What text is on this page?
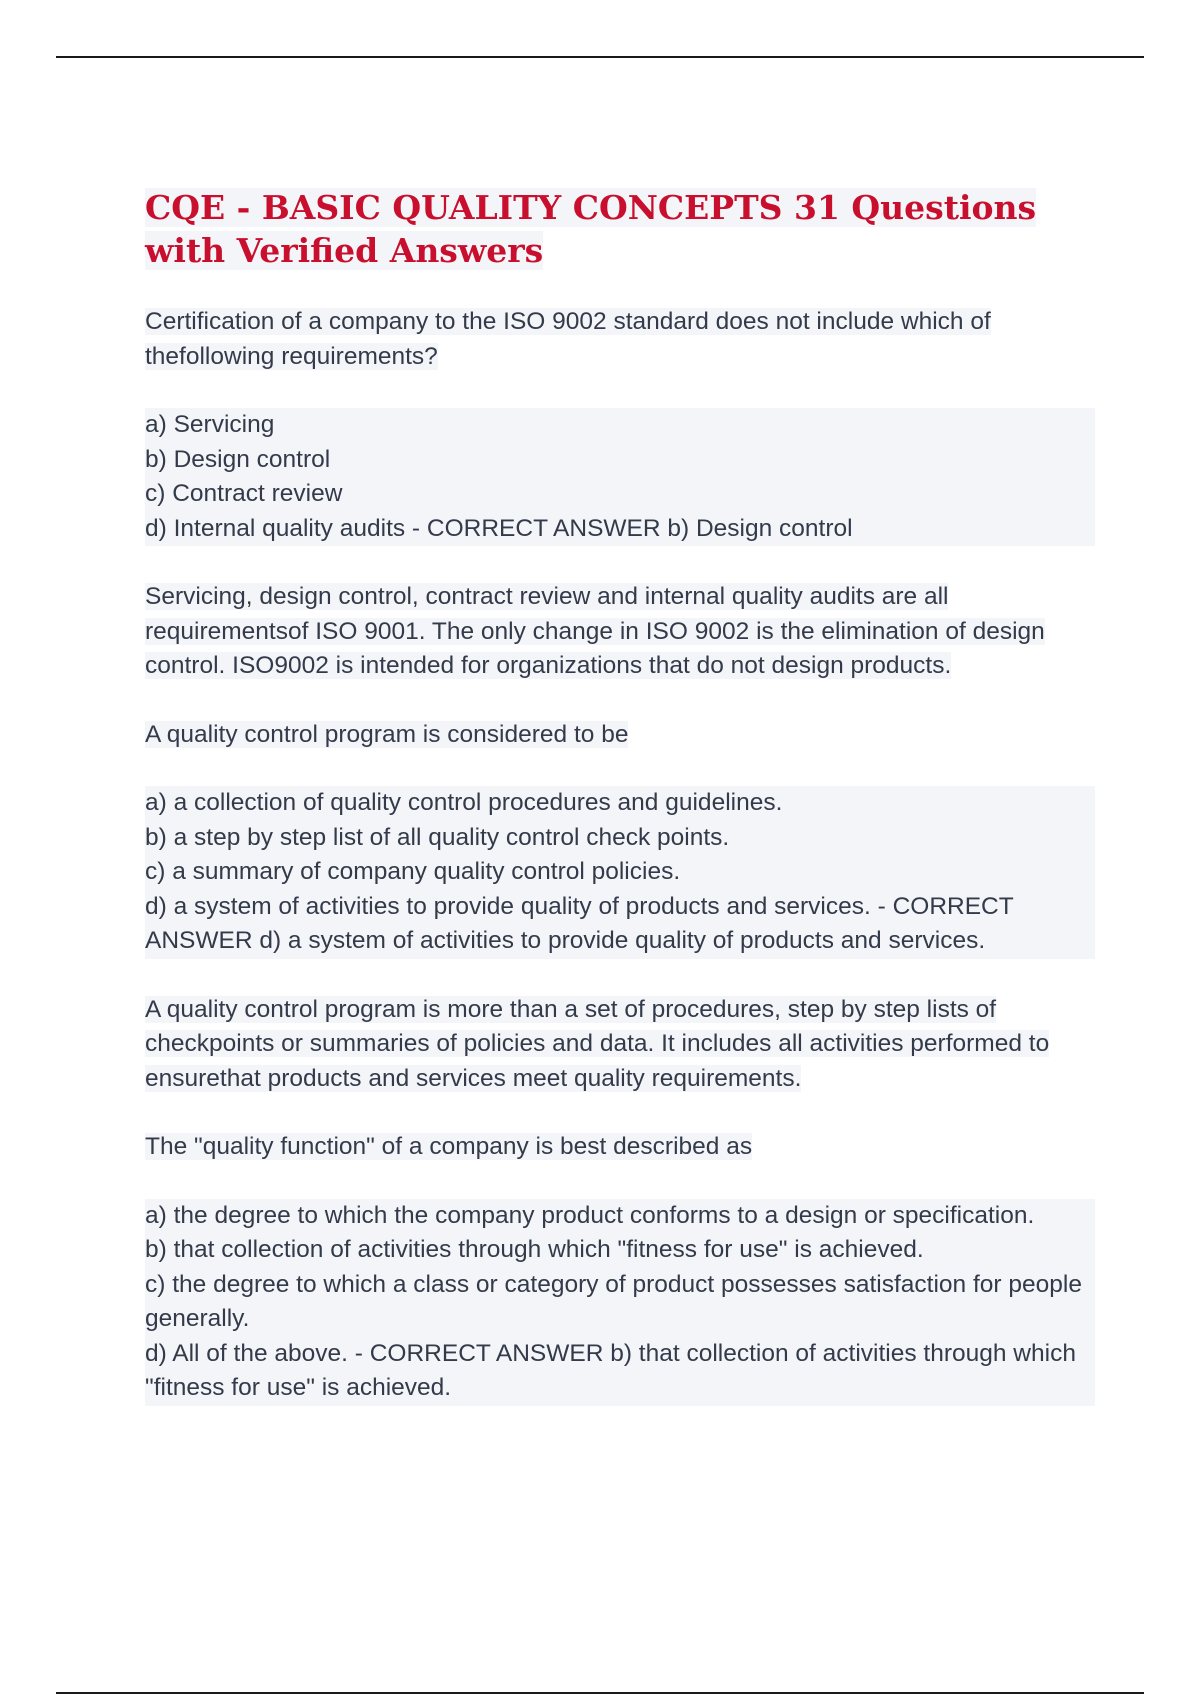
CQE - BASIC QUALITY CONCEPTS 31 Questions with Verified Answers

Certification of a company to the ISO 9002 standard does not include which of thefollowing requirements?

a) Servicing
b) Design control
c) Contract review
d) Internal quality audits - CORRECT ANSWER b) Design control

Servicing, design control, contract review and internal quality audits are all requirementsof ISO 9001. The only change in ISO 9002 is the elimination of design control. ISO9002 is intended for organizations that do not design products.

A quality control program is considered to be

a) a collection of quality control procedures and guidelines.
b) a step by step list of all quality control check points.
c) a summary of company quality control policies.
d) a system of activities to provide quality of products and services. - CORRECT ANSWER d) a system of activities to provide quality of products and services.

A quality control program is more than a set of procedures, step by step lists of checkpoints or summaries of policies and data. It includes all activities performed to ensurethat products and services meet quality requirements.

The "quality function" of a company is best described as

a) the degree to which the company product conforms to a design or specification.
b) that collection of activities through which "fitness for use" is achieved.
c) the degree to which a class or category of product possesses satisfaction for people generally.
d) All of the above. - CORRECT ANSWER b) that collection of activities through which "fitness for use" is achieved.
